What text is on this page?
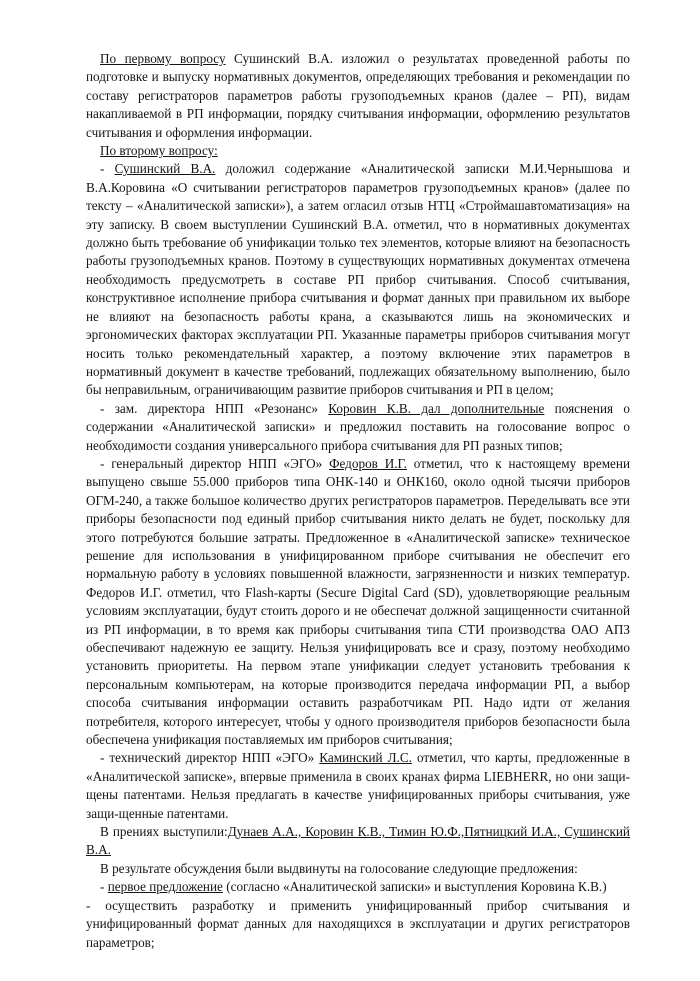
По первому вопросу Сушинский В.А. изложил о результатах проведенной работы по подготовке и выпуску нормативных документов, определяющих требования и рекомендации по составу регистраторов параметров работы грузоподъемных кранов (далее – РП), видам накапливаемой в РП информации, порядку считывания информации, оформлению результатов считывания и оформления информации.

По второму вопросу:

- Сушинский В.А. доложил содержание «Аналитической записки М.И.Чернышова и В.А.Коровина «О считывании регистраторов параметров грузоподъемных кранов» (далее по тексту – «Аналитической записки»), а затем огласил отзыв НТЦ «Строймашавтоматизация» на эту записку. В своем выступлении Сушинский В.А. отметил, что в нормативных документах должно быть требование об унификации только тех элементов, которые влияют на безопасность работы грузоподъемных кранов. Поэтому в существующих нормативных документах отмечена необходимость предусмотреть в составе РП прибор считывания. Способ считывания, конструктивное исполнение прибора считывания и формат данных при правильном их выборе не влияют на безопасность работы крана, а сказываются лишь на экономических и эргономических факторах эксплуатации РП. Указанные параметры приборов считывания могут носить только рекомендательный характер, а поэтому включение этих параметров в нормативный документ в качестве требований, подлежащих обязательному выполнению, было бы неправильным, ограничивающим развитие приборов считывания и РП в целом;

- зам. директора НПП «Резонанс» Коровин К.В. дал дополнительные пояснения о содержании «Аналитической записки» и предложил поставить на голосование вопрос о необходимости создания универсального прибора считывания для РП разных типов;

- генеральный директор НПП «ЭГО» Федоров И.Г. отметил, что к настоящему времени выпущено свыше 55.000 приборов типа ОНК-140 и ОНК160, около одной тысячи приборов ОГМ-240, а также большое количество других регистраторов параметров. Переделывать все эти приборы безопасности под единый прибор считывания никто делать не будет, поскольку для этого потребуются большие затраты. Предложенное в «Аналитической записке» техническое решение для использования в унифицированном приборе считывания не обеспечит его нормальную работу в условиях повышенной влажности, загрязненности и низких температур. Федоров И.Г. отметил, что Flash-карты (Secure Digital Card (SD), удовлетворяющие реальным условиям эксплуатации, будут стоить дорого и не обеспечат должной защищенности считанной из РП информации, в то время как приборы считывания типа СТИ производства ОАО АПЗ обеспечивают надежную ее защиту. Нельзя унифицировать все и сразу, поэтому необходимо установить приоритеты. На первом этапе унификации следует установить требования к персональным компьютерам, на которые производится передача информации РП, а выбор способа считывания информации оставить разработчикам РП. Надо идти от желания потребителя, которого интересует, чтобы у одного производителя приборов безопасности была обеспечена унификация поставляемых им приборов считывания;

- технический директор НПП «ЭГО» Каминский Л.С. отметил, что карты, предложенные в «Аналитической записке», впервые применила в своих кранах фирма LIEBHERR, но они защи-щены патентами. Нельзя предлагать в качестве унифицированных приборы считывания, уже защи-щенные патентами.

В прениях выступили:Дунаев А.А., Коровин К.В., Тимин Ю.Ф.,Пятницкий И.А., Сушинский В.А.

В результате обсуждения были выдвинуты на голосование следующие предложения:

- первое предложение (согласно «Аналитической записки» и выступления Коровина К.В.)

- осуществить разработку и применить унифицированный прибор считывания и унифицированный формат данных для находящихся в эксплуатации и других регистраторов параметров;
